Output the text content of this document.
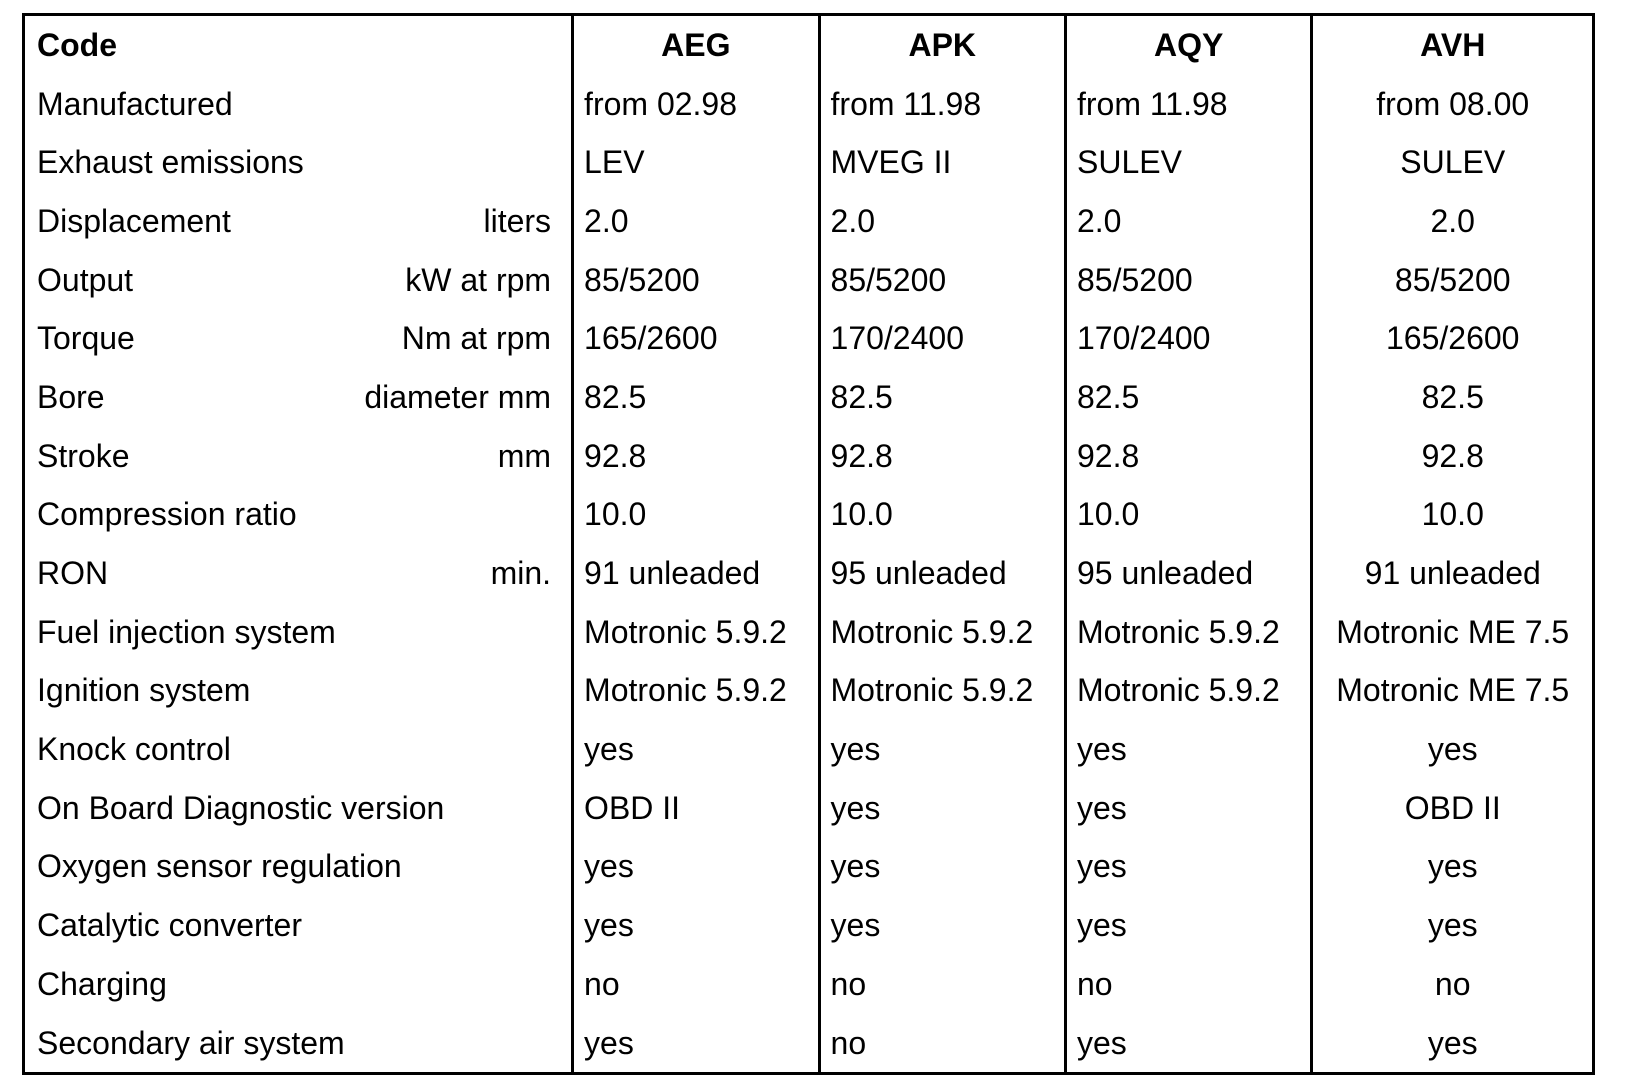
Code	AEG	APK	AQY	AVH

Manufactured	from 02.98	from 11.98	from 11.98	from 08.00

Exhaust emissions	LEV	MVEG II	SULEV	SULEV

Displacement liters	2.0	2.0	2.0	2.0

Output kW at rpm	85/5200	85/5200	85/5200	85/5200

Torque Nm at rpm	165/2600	170/2400	170/2400	165/2600

Bore diameter mm	82.5	82.5	82.5	82.5

Stroke mm	92.8	92.8	92.8	92.8

Compression ratio	10.0	10.0	10.0	10.0

RON min.	91 unleaded	95 unleaded	95 unleaded	91 unleaded

Fuel injection system	Motronic 5.9.2	Motronic 5.9.2	Motronic 5.9.2	Motronic ME 7.5

Ignition system	Motronic 5.9.2	Motronic 5.9.2	Motronic 5.9.2	Motronic ME 7.5

Knock control	yes	yes	yes	yes

On Board Diagnostic version	OBD II	yes	yes	OBD II

Oxygen sensor regulation	yes	yes	yes	yes

Catalytic converter	yes	yes	yes	yes

Charging	no	no	no	no

Secondary air system	yes	no	yes	yes
